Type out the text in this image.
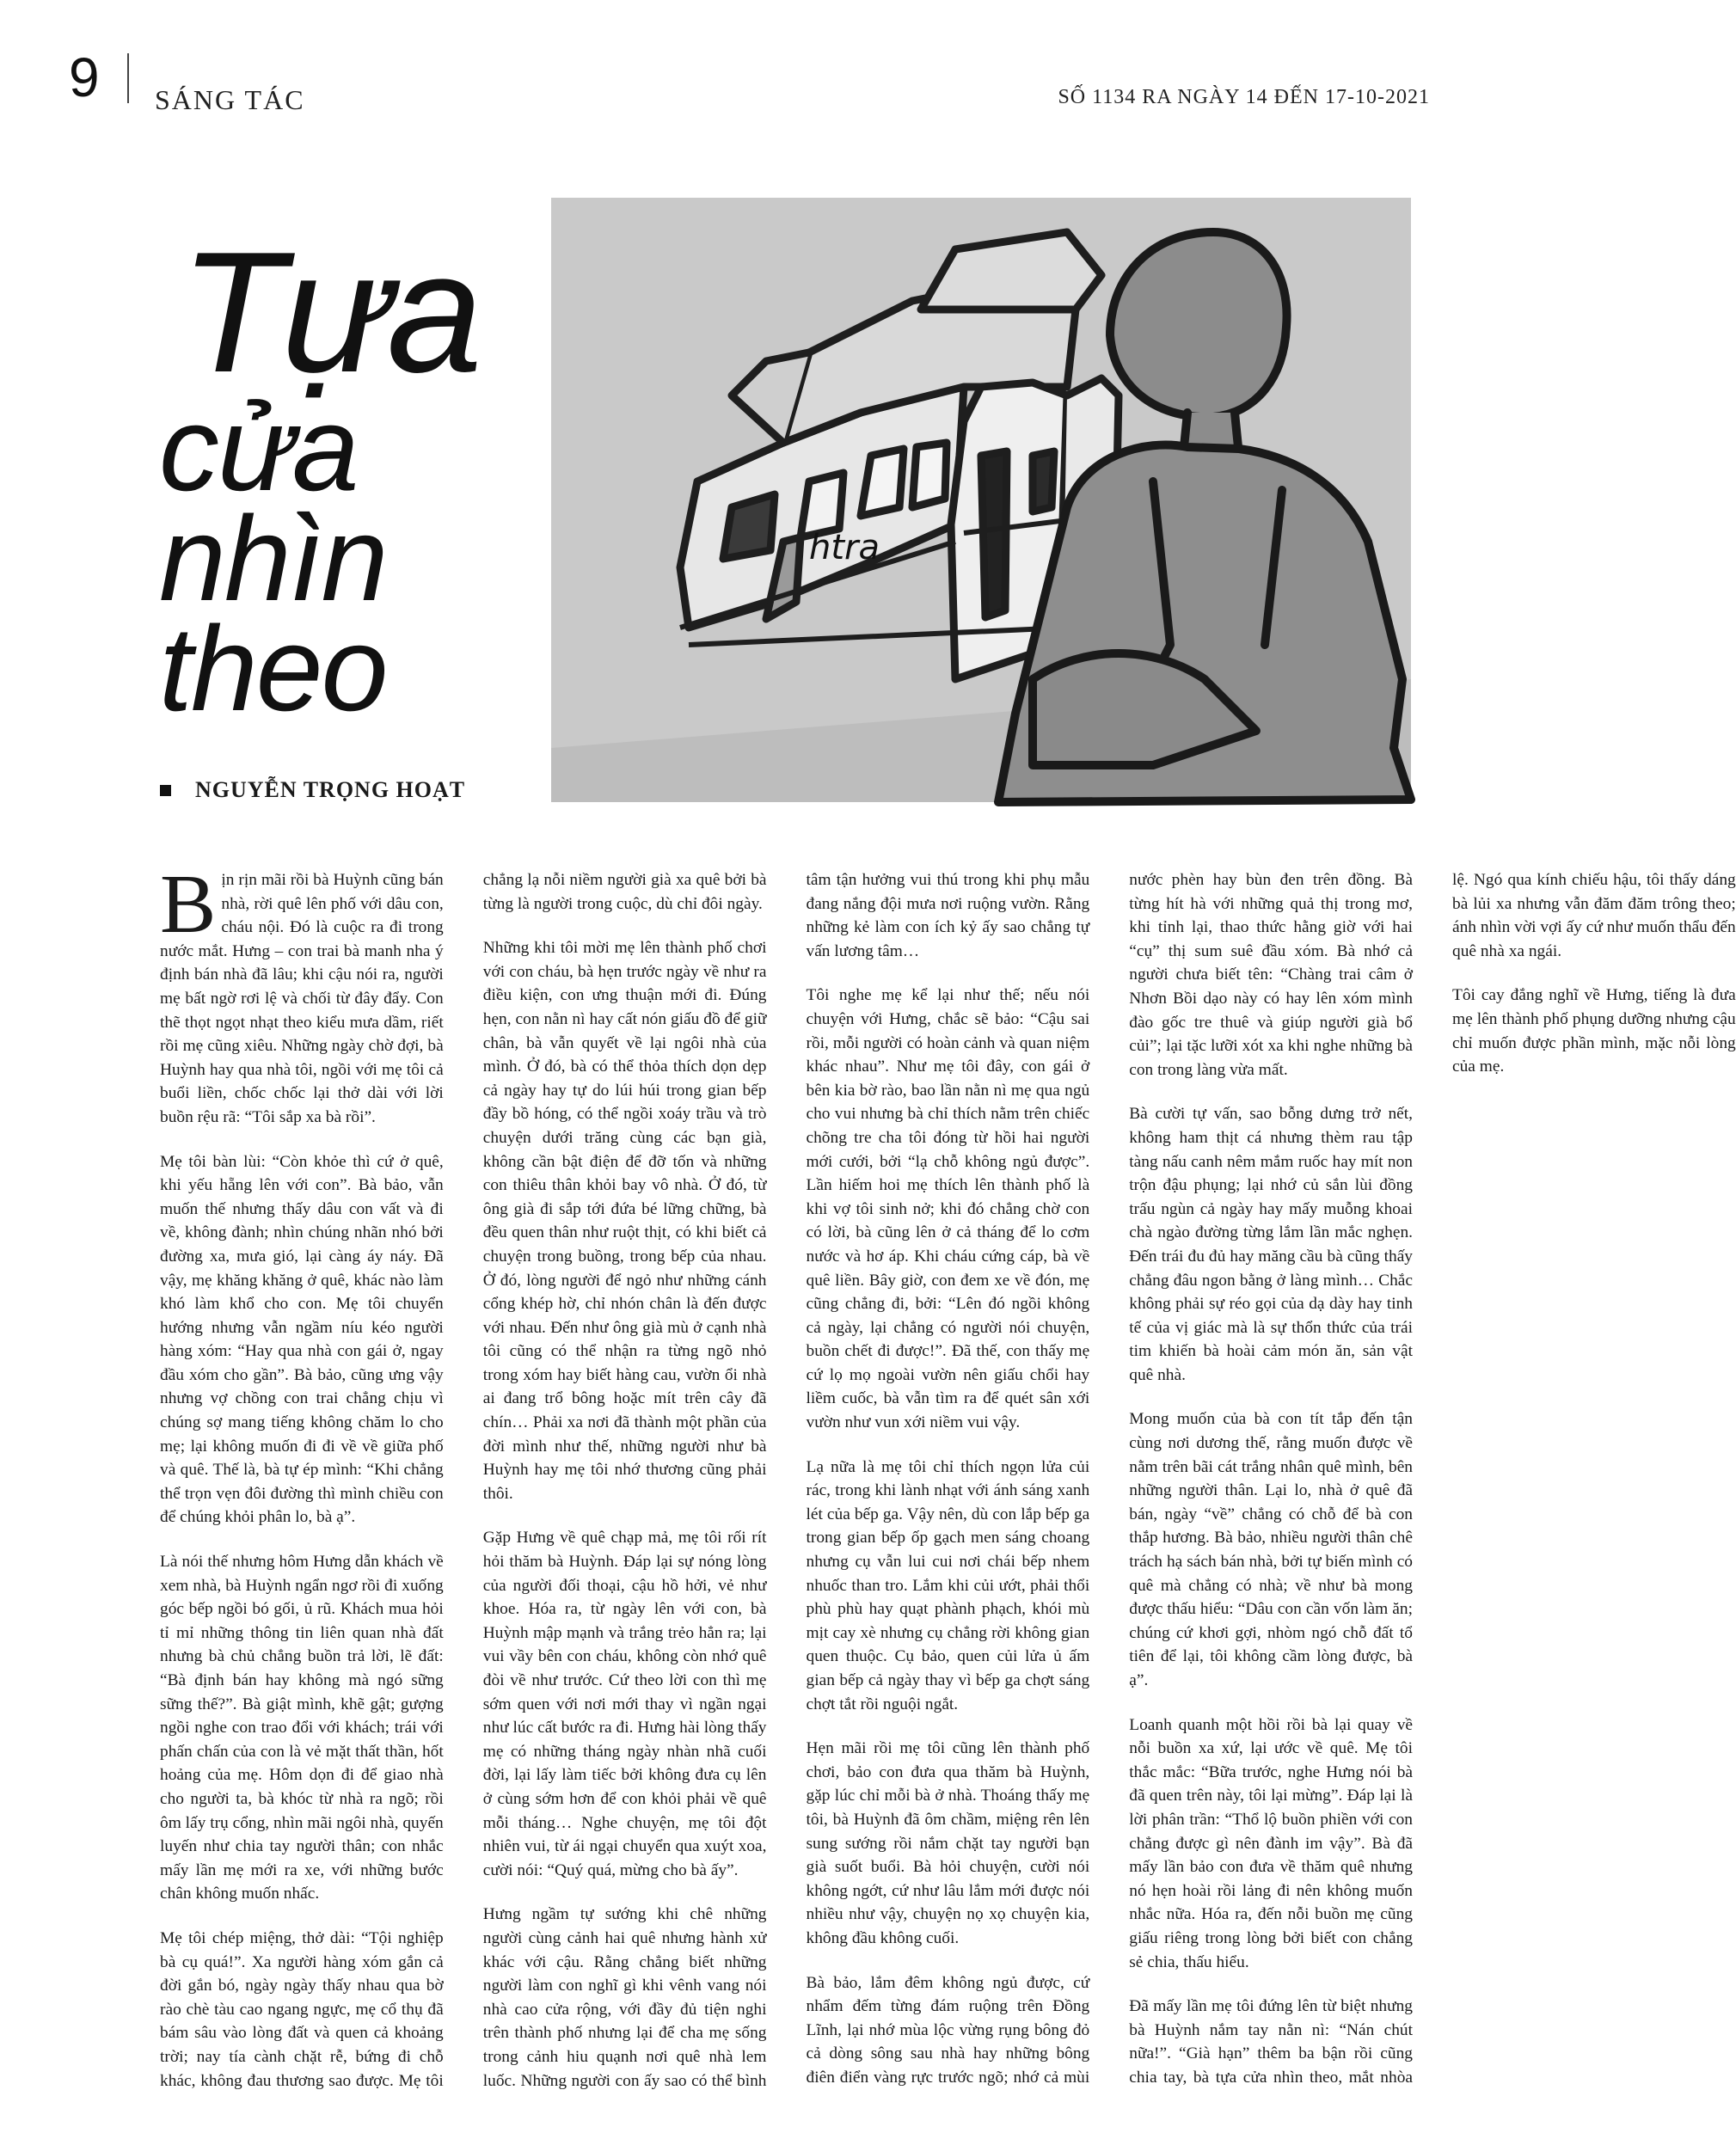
9 SÁNG TÁC	SỐ 1134 RA NGÀY 14 ĐẾN 17-10-2021
Tựa
cửa
nhìn
theo
NGUYỄN TRỌNG HOẠT
htra

Bịn rịn mãi rồi bà Huỳnh cũng bán nhà, rời quê lên phố với dâu con, cháu nội. Đó là cuộc ra đi trong nước mắt. Hưng – con trai bà manh nha ý định bán nhà đã lâu; khi cậu nói ra, người mẹ bất ngờ rơi lệ và chối từ đây đẩy. Con thẽ thọt ngọt nhạt theo kiểu mưa dầm, riết rồi mẹ cũng xiêu. Những ngày chờ đợi, bà Huỳnh hay qua nhà tôi, ngồi với mẹ tôi cả buổi liền, chốc chốc lại thở dài với lời buồn rệu rã: “Tôi sắp xa bà rồi”.

Mẹ tôi bàn lùi: “Còn khỏe thì cứ ở quê, khi yếu hẵng lên với con”. Bà bảo, vẫn muốn thế nhưng thấy dâu con vất và đi về, không đành; nhìn chúng nhãn nhó bởi đường xa, mưa gió, lại càng áy náy. Đã vậy, mẹ khăng khăng ở quê, khác nào làm khó làm khổ cho con. Mẹ tôi chuyển hướng nhưng vẫn ngầm níu kéo người hàng xóm: “Hay qua nhà con gái ở, ngay đầu xóm cho gần”. Bà bảo, cũng ưng vậy nhưng vợ chồng con trai chẳng chịu vì chúng sợ mang tiếng không chăm lo cho mẹ; lại không muốn đi đi về về giữa phố và quê. Thế là, bà tự ép mình: “Khi chẳng thể trọn vẹn đôi đường thì mình chiều con để chúng khỏi phân lo, bà ạ”.

Là nói thế nhưng hôm Hưng dẫn khách về xem nhà, bà Huỳnh ngẩn ngơ rồi đi xuống góc bếp ngồi bó gối, ủ rũ. Khách mua hỏi tỉ mỉ những thông tin liên quan nhà đất nhưng bà chủ chẳng buồn trả lời, lẽ đất: “Bà định bán hay không mà ngó sững sững thế?”. Bà giật mình, khẽ gật; gượng ngồi nghe con trao đổi với khách; trái với phấn chấn của con là vẻ mặt thất thần, hốt hoảng của mẹ. Hôm dọn đi để giao nhà cho người ta, bà khóc từ nhà ra ngõ; rồi ôm lấy trụ cổng, nhìn mãi ngôi nhà, quyến luyến như chia tay người thân; con nhắc mấy lần mẹ mới ra xe, với những bước chân không muốn nhấc.

Mẹ tôi chép miệng, thở dài: “Tội nghiệp bà cụ quá!”. Xa người hàng xóm gắn cả đời gắn bó, ngày ngày thấy nhau qua bờ rào chè tàu cao ngang ngực, mẹ cổ thụ đã bám sâu vào lòng đất và quen cả khoảng trời; nay tía cành chặt rễ, bứng đi chỗ khác, không đau thương sao được. Mẹ tôi chẳng lạ nỗi niềm người già xa quê bởi bà từng là người trong cuộc, dù chỉ đôi ngày.

Những khi tôi mời mẹ lên thành phố chơi với con cháu, bà hẹn trước ngày về như ra điều kiện, con ưng thuận mới đi. Đúng hẹn, con nằn nì hay cất nón giấu đồ để giữ chân, bà vẫn quyết về lại ngôi nhà của mình. Ở đó, bà có thể thỏa thích dọn dẹp cả ngày hay tự do lúi húi trong gian bếp đầy bồ hóng, có thể ngồi xoáy trầu và trò chuyện dưới trăng cùng các bạn già, không cần bật điện để đỡ tốn và những con thiêu thân khỏi bay vô nhà. Ở đó, từ ông già đi sắp tới đứa bé lững chững, bà đều quen thân như ruột thịt, có khi biết cả chuyện trong buồng, trong bếp của nhau. Ở đó, lòng người để ngỏ như những cánh cổng khép hờ, chỉ nhón chân là đến được với nhau. Đến như ông già mù ở cạnh nhà tôi cũng có thể nhận ra từng ngõ nhỏ trong xóm hay biết hàng cau, vườn ổi nhà ai đang trổ bông hoặc mít trên cây đã chín… Phải xa nơi đã thành một phần của đời mình như thế, những người như bà Huỳnh hay mẹ tôi nhớ thương cũng phải thôi.

Gặp Hưng về quê chạp mả, mẹ tôi rối rít hỏi thăm bà Huỳnh. Đáp lại sự nóng lòng của người đối thoại, cậu hồ hởi, vẻ như khoe. Hóa ra, từ ngày lên với con, bà Huỳnh mập mạnh và trắng trẻo hẳn ra; lại vui vầy bên con cháu, không còn nhớ quê đòi về như trước. Cứ theo lời con thì mẹ sớm quen với nơi mới thay vì ngần ngại như lúc cất bước ra đi. Hưng hài lòng thấy mẹ có những tháng ngày nhàn nhã cuối đời, lại lấy làm tiếc bởi không đưa cụ lên ở cùng sớm hơn để con khỏi phải về quê mỗi tháng… Nghe chuyện, mẹ tôi đột nhiên vui, từ ái ngại chuyển qua xuýt xoa, cười nói: “Quý quá, mừng cho bà ấy”.

Hưng ngầm tự sướng khi chê những người cùng cảnh hai quê nhưng hành xử khác với cậu. Rằng chẳng biết những người làm con nghĩ gì khi vênh vang nói nhà cao cửa rộng, với đầy đủ tiện nghi trên thành phố nhưng lại để cha mẹ sống trong cảnh hiu quạnh nơi quê nhà lem luốc. Những người con ấy sao có thể bình tâm tận hưởng vui thú trong khi phụ mẫu đang nắng đội mưa nơi ruộng vườn. Rằng những kẻ làm con ích kỷ ấy sao chẳng tự vấn lương tâm…

Tôi nghe mẹ kể lại như thế; nếu nói chuyện với Hưng, chắc sẽ bảo: “Cậu sai rồi, mỗi người có hoàn cảnh và quan niệm khác nhau”. Như mẹ tôi đây, con gái ở bên kia bờ rào, bao lần nằn nì mẹ qua ngủ cho vui nhưng bà chỉ thích nằm trên chiếc chõng tre cha tôi đóng từ hồi hai người mới cưới, bởi “lạ chỗ không ngủ được”. Lần hiếm hoi mẹ thích lên thành phố là khi vợ tôi sinh nở; khi đó chẳng chờ con có lời, bà cũng lên ở cả tháng để lo cơm nước và hơ áp. Khi cháu cứng cáp, bà về quê liền. Bây giờ, con đem xe về đón, mẹ cũng chẳng đi, bởi: “Lên đó ngồi không cả ngày, lại chẳng có người nói chuyện, buồn chết đi được!”. Đã thế, con thấy mẹ cứ lọ mọ ngoài vườn nên giấu chổi hay liềm cuốc, bà vẫn tìm ra để quét sân xới vườn như vun xới niềm vui vậy.

Lạ nữa là mẹ tôi chỉ thích ngọn lửa củi rác, trong khi lành nhạt với ánh sáng xanh lét của bếp ga. Vậy nên, dù con lắp bếp ga trong gian bếp ốp gạch men sáng choang nhưng cụ vẫn lui cui nơi chái bếp nhem nhuốc than tro. Lắm khi củi ướt, phải thổi phù phù hay quạt phành phạch, khói mù mịt cay xè nhưng cụ chẳng rời không gian quen thuộc. Cụ bảo, quen củi lửa ủ ấm gian bếp cả ngày thay vì bếp ga chợt sáng chợt tắt rồi nguội ngắt.

Hẹn mãi rồi mẹ tôi cũng lên thành phố chơi, bảo con đưa qua thăm bà Huỳnh, gặp lúc chỉ mỗi bà ở nhà. Thoáng thấy mẹ tôi, bà Huỳnh đã ôm chầm, miệng rên lên sung sướng rồi nắm chặt tay người bạn già suốt buổi. Bà hỏi chuyện, cười nói không ngớt, cứ như lâu lắm mới được nói nhiều như vậy, chuyện nọ xọ chuyện kia, không đầu không cuối.

Bà bảo, lắm đêm không ngủ được, cứ nhẩm đếm từng đám ruộng trên Đồng Lĩnh, lại nhớ mùa lộc vừng rụng bông đỏ cả dòng sông sau nhà hay những bông điên điển vàng rực trước ngõ; nhớ cả mùi nước phèn hay bùn đen trên đồng. Bà từng hít hà với những quả thị trong mơ, khi tỉnh lại, thao thức hằng giờ với hai “cụ” thị sum suê đầu xóm. Bà nhớ cả người chưa biết tên: “Chàng trai câm ở Nhơn Bồi dạo này có hay lên xóm mình đào gốc tre thuê và giúp người già bổ củi”; lại tặc lưỡi xót xa khi nghe những bà con trong làng vừa mất.

Bà cười tự vấn, sao bỗng dưng trở nết, không ham thịt cá nhưng thèm rau tập tàng nấu canh nêm mắm ruốc hay mít non trộn đậu phụng; lại nhớ củ sắn lùi đồng trấu ngùn cả ngày hay mấy muỗng khoai chà ngào đường từng lắm lần mắc nghẹn. Đến trái đu đủ hay măng cầu bà cũng thấy chẳng đâu ngon bằng ở làng mình… Chắc không phải sự réo gọi của dạ dày hay tinh tế của vị giác mà là sự thổn thức của trái tim khiến bà hoài cảm món ăn, sản vật quê nhà.

Mong muốn của bà con tít tắp đến tận cùng nơi dương thế, rằng muốn được về nằm trên bãi cát trắng nhân quê mình, bên những người thân. Lại lo, nhà ở quê đã bán, ngày “về” chẳng có chỗ để bà con thắp hương. Bà bảo, nhiều người thân chê trách hạ sách bán nhà, bởi tự biến mình có quê mà chẳng có nhà; về như bà mong được thấu hiểu: “Dâu con cần vốn làm ăn; chúng cứ khơi gợi, nhòm ngó chỗ đất tổ tiên để lại, tôi không cầm lòng được, bà ạ”.

Loanh quanh một hồi rồi bà lại quay về nỗi buồn xa xứ, lại ước về quê. Mẹ tôi thắc mắc: “Bữa trước, nghe Hưng nói bà đã quen trên này, tôi lại mừng”. Đáp lại là lời phân trần: “Thổ lộ buồn phiền với con chẳng được gì nên đành im vậy”. Bà đã mấy lần bảo con đưa về thăm quê nhưng nó hẹn hoài rồi lảng đi nên không muốn nhắc nữa. Hóa ra, đến nỗi buồn mẹ cũng giấu riêng trong lòng bởi biết con chẳng sẻ chia, thấu hiểu.

Đã mấy lần mẹ tôi đứng lên từ biệt nhưng bà Huỳnh nắm tay nằn nì: “Nán chút nữa!”. “Già hạn” thêm ba bận rồi cũng chia tay, bà tựa cửa nhìn theo, mắt nhòa lệ. Ngó qua kính chiếu hậu, tôi thấy dáng bà lủi xa nhưng vẫn đăm đăm trông theo; ánh nhìn vời vợi ấy cứ như muốn thẩu đến quê nhà xa ngái.

Tôi cay đắng nghĩ về Hưng, tiếng là đưa mẹ lên thành phố phụng dưỡng nhưng cậu chỉ muốn được phần mình, mặc nỗi lòng của mẹ.
